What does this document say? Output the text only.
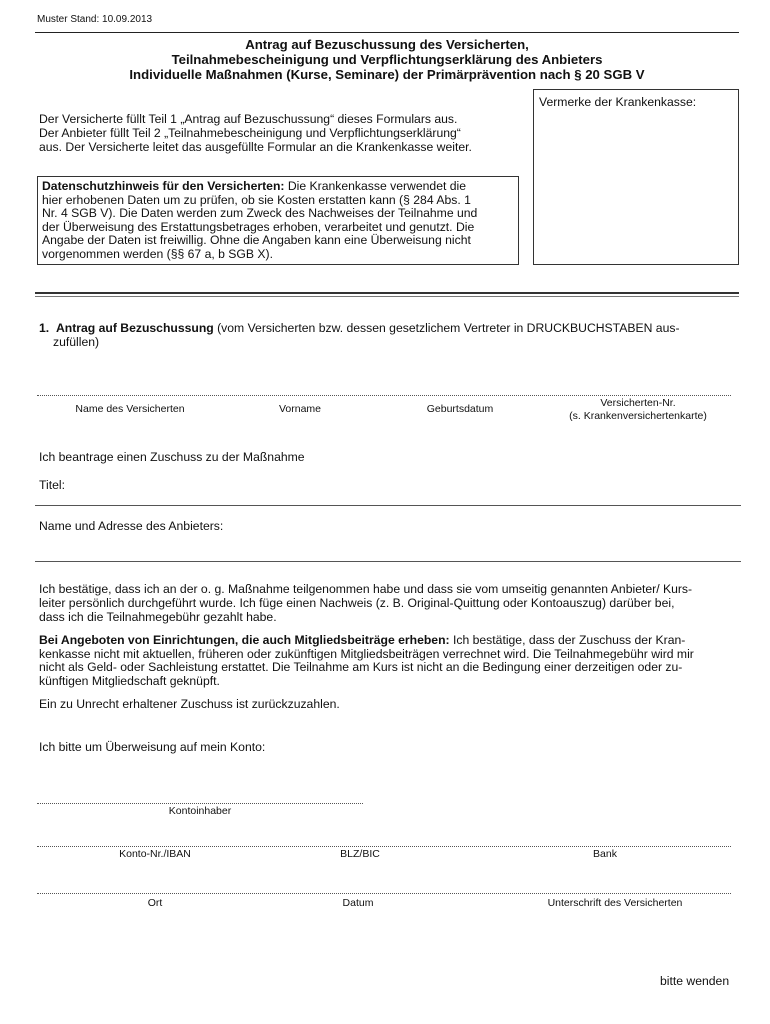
Muster Stand: 10.09.2013
Antrag auf Bezuschussung des Versicherten,
Teilnahmebescheinigung und Verpflichtungserklärung des Anbieters
Individuelle Maßnahmen (Kurse, Seminare) der Primärprävention nach § 20 SGB V
Der Versicherte füllt Teil 1 „Antrag auf Bezuschussung“ dieses Formulars aus.
Der Anbieter füllt Teil 2 „Teilnahmebescheinigung und Verpflichtungserklärung“
aus. Der Versicherte leitet das ausgefüllte Formular an die Krankenkasse weiter.
Datenschutzhinweis für den Versicherten: Die Krankenkasse verwendet die
hier erhobenen Daten um zu prüfen, ob sie Kosten erstatten kann (§ 284 Abs. 1
Nr. 4 SGB V). Die Daten werden zum Zweck des Nachweises der Teilnahme und
der Überweisung des Erstattungsbetrages erhoben, verarbeitet und genutzt. Die
Angabe der Daten ist freiwillig. Ohne die Angaben kann eine Überweisung nicht
vorgenommen werden (§§ 67 a, b SGB X).
Vermerke der Krankenkasse:
1. Antrag auf Bezuschussung (vom Versicherten bzw. dessen gesetzlichem Vertreter in DRUCKBUCHSTABEN aus-
zufüllen)
Name des Versicherten	Vorname	Geburtsdatum	Versicherten-Nr.
(s. Krankenversichertenkarte)
Ich beantrage einen Zuschuss zu der Maßnahme
Titel:
Name und Adresse des Anbieters:
Ich bestätige, dass ich an der o. g. Maßnahme teilgenommen habe und dass sie vom umseitig genannten Anbieter/ Kurs-
leiter persönlich durchgeführt wurde. Ich füge einen Nachweis (z. B. Original-Quittung oder Kontoauszug) darüber bei,
dass ich die Teilnahmegebühr gezahlt habe.
Bei Angeboten von Einrichtungen, die auch Mitgliedsbeiträge erheben: Ich bestätige, dass der Zuschuss der Kran-
kenkasse nicht mit aktuellen, früheren oder zukünftigen Mitgliedsbeiträgen verrechnet wird. Die Teilnahmegebühr wird mir
nicht als Geld- oder Sachleistung erstattet. Die Teilnahme am Kurs ist nicht an die Bedingung einer derzeitigen oder zu-
künftigen Mitgliedschaft geknüpft.
Ein zu Unrecht erhaltener Zuschuss ist zurückzuzahlen.
Ich bitte um Überweisung auf mein Konto:
Kontoinhaber
Konto-Nr./IBAN	BLZ/BIC	Bank
Ort	Datum	Unterschrift des Versicherten
bitte wenden
